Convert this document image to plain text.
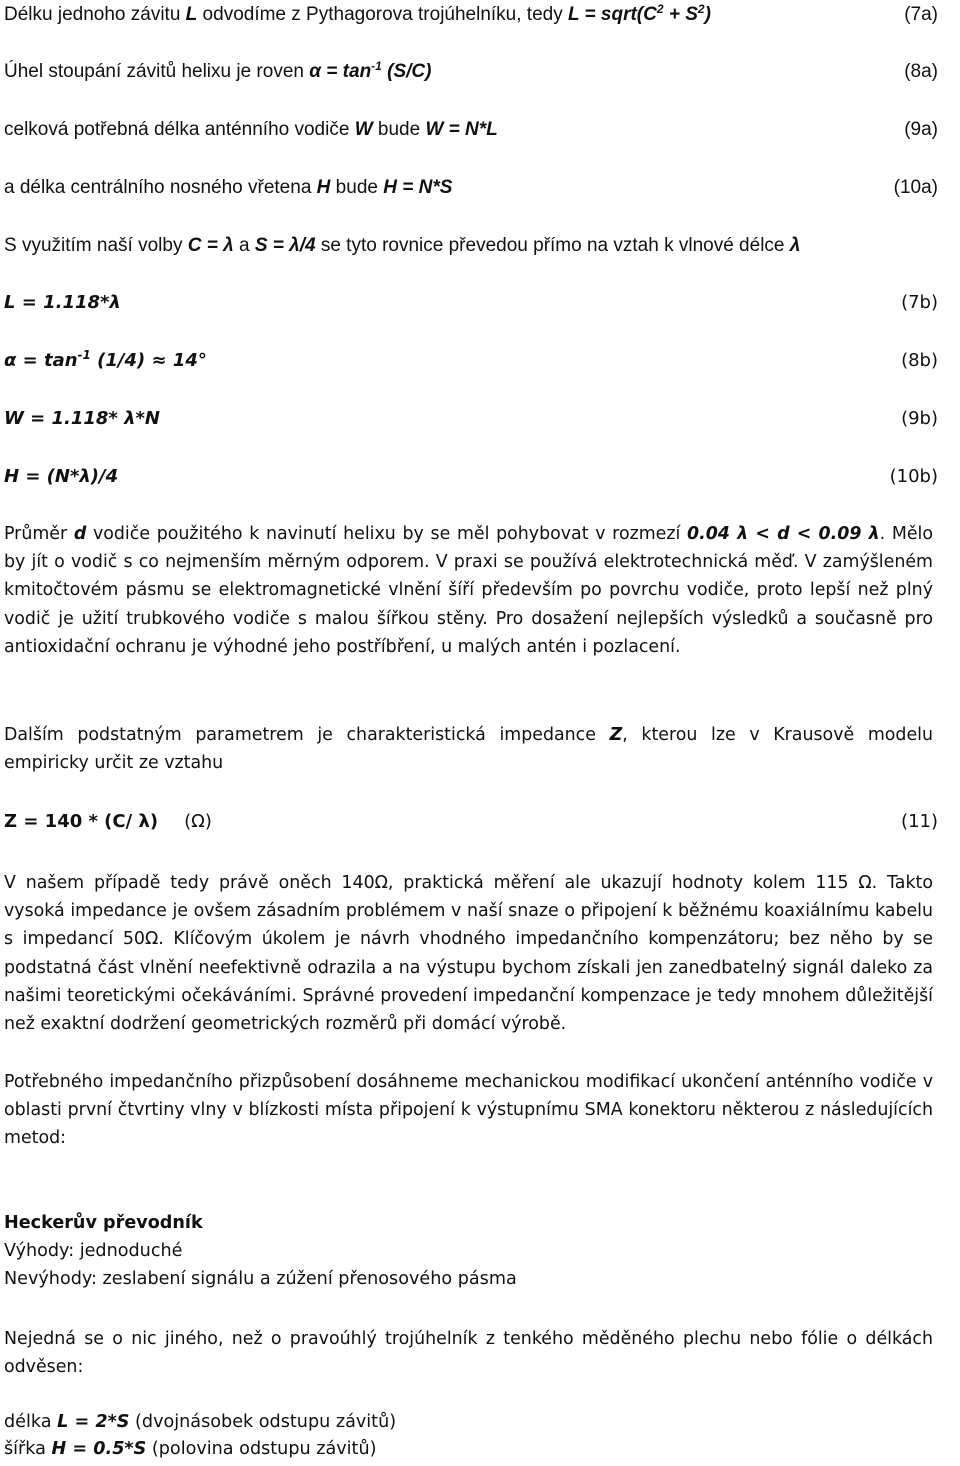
Délku jednoho závitu L odvodíme z Pythagorova trojúhelníku, tedy $L = sqrt(C^2 + S^2)$	(7a)
Úhel stoupání závitů helixu je roven $\alpha = \tan^{-1} (S/C)$	(8a)
celková potřebná délka anténního vodiče W bude W = N*L	(9a)
a délka centrálního nosného vřetena H bude H = N*S	(10a)
S využitím naší volby C = λ a S = λ/4 se tyto rovnice převedou přímo na vztah k vlnové délce λ
L = 1.118*λ	(7b)
$\alpha = \tan^{-1} (1/4) \approx 14^\circ$	(8b)
W = 1.118* λ*N	(9b)
H = (N*λ)/4	(10b)
Průměr d vodiče použitého k navinutí helixu by se měl pohybovat v rozmezí 0.04 λ < d < 0.09 λ. Mělo by jít o vodič s co nejmenším měrným odporem. V praxi se používá elektrotechnická měď. V zamýšleném kmitočtovém pásmu se elektromagnetické vlnění šíří především po povrchu vodiče, proto lepší než plný vodič je užití trubkového vodiče s malou šířkou stěny. Pro dosažení nejlepších výsledků a současně pro antioxidační ochranu je výhodné jeho postříbření, u malých antén i pozlacení.
Dalším podstatným parametrem je charakteristická impedance Z, kterou lze v Krausově modelu empiricky určit ze vztahu
Z = 140 * (C/ λ) (Ω)	(11)
V našem případě tedy právě oněch 140Ω, praktická měření ale ukazují hodnoty kolem 115 Ω. Takto vysoká impedance je ovšem zásadním problémem v naší snaze o připojení k běžnému koaxiálnímu kabelu s impedancí 50Ω. Klíčovým úkolem je návrh vhodného impedančního kompenzátoru; bez něho by se podstatná část vlnění neefektivně odrazila a na výstupu bychom získali jen zanedbatelný signál daleko za našimi teoretickými očekáváními. Správné provedení impedanční kompenzace je tedy mnohem důležitější než exaktní dodržení geometrických rozměrů při domácí výrobě.
Potřebného impedančního přizpůsobení dosáhneme mechanickou modifikací ukončení anténního vodiče v oblasti první čtvrtiny vlny v blízkosti místa připojení k výstupnímu SMA konektoru některou z následujících metod:
Heckerův převodník
Výhody: jednoduché
Nevýhody: zeslabení signálu a zúžení přenosového pásma
Nejedná se o nic jiného, než o pravoúhlý trojúhelník z tenkého měděného plechu nebo fólie o délkách odvěsen:
délka L = 2*S (dvojnásobek odstupu závitů)
šířka H = 0.5*S (polovina odstupu závitů)
